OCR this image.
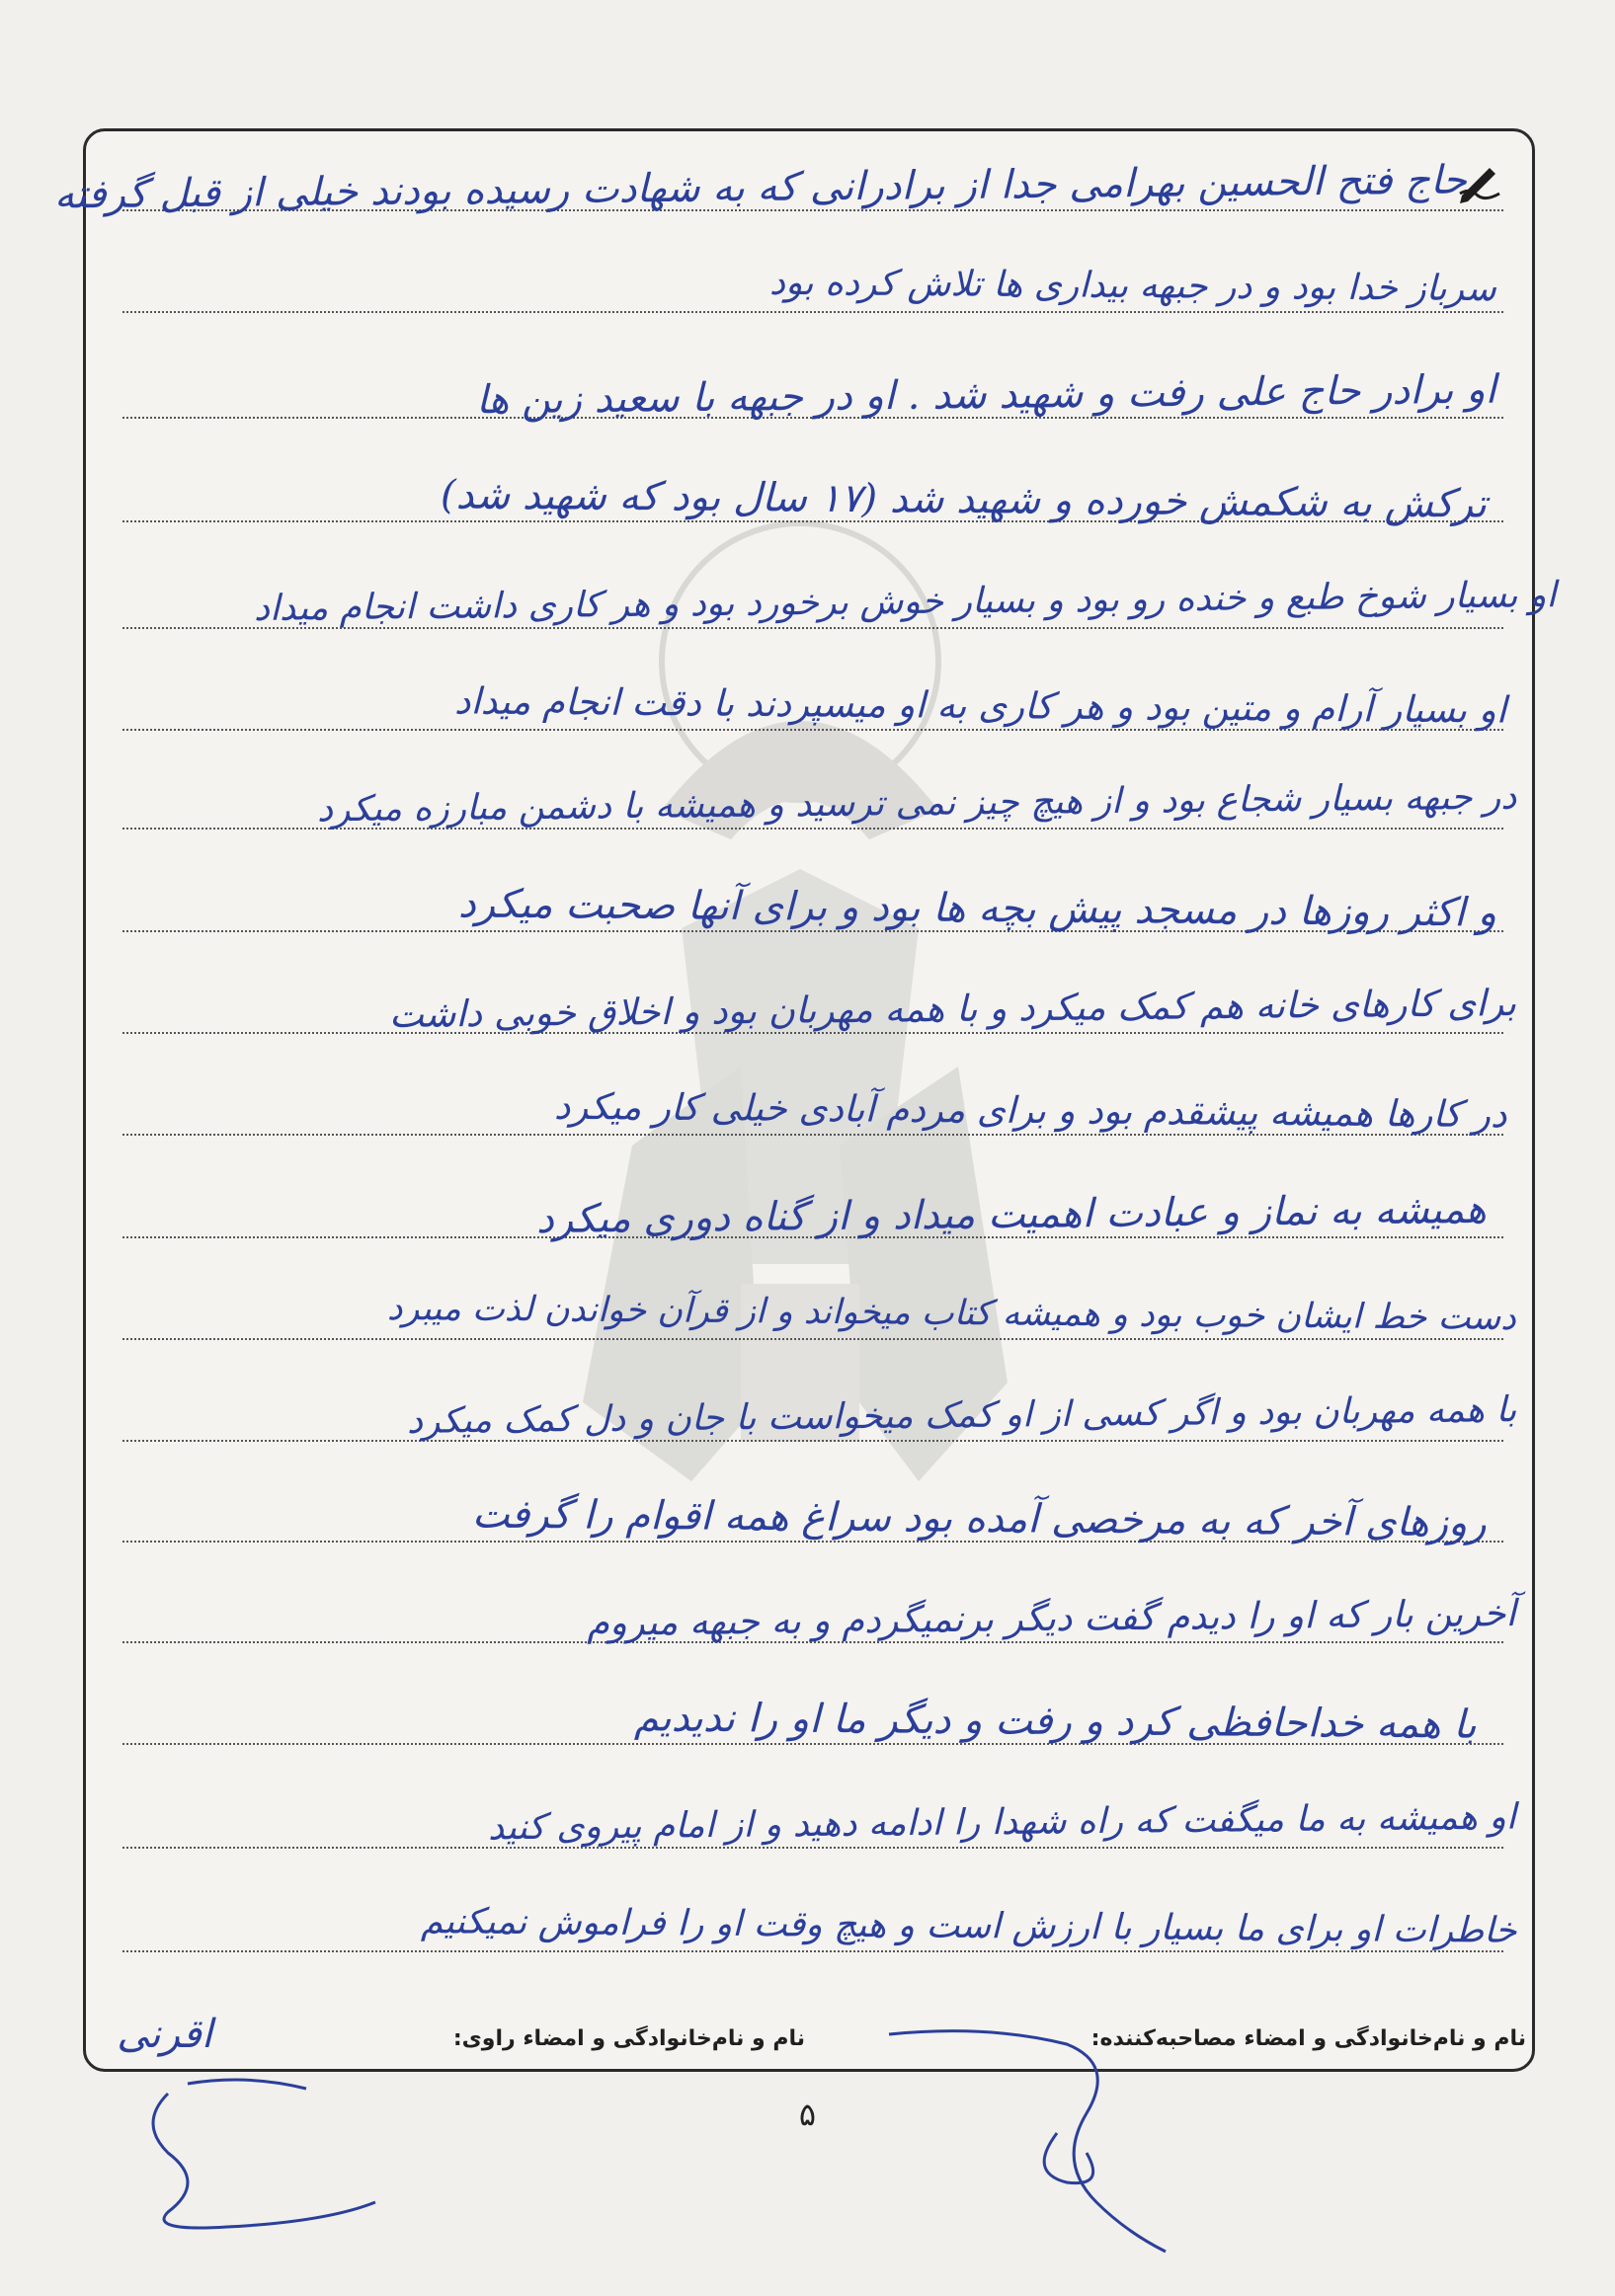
حاج فتح الحسین بهرامی جدا از برادرانی که به شهادت رسیده بودند خیلی از قبل گرفته
سرباز خدا بود و در جبهه بیداری ها تلاش کرده بود
او برادر حاج علی رفت و شهید شد . او در جبهه با سعید زین ها
ترکش به شکمش خورده و شهید شد (۱۷ سال بود که شهید شد)
او بسیار شوخ طبع و خنده رو بود و بسیار خوش برخورد بود و هر کاری داشت انجام میداد
او بسیار آرام و متین بود و هر کاری به او میسپردند با دقت انجام میداد
در جبهه بسیار شجاع بود و از هیچ چیز نمی ترسید و همیشه با دشمن مبارزه میکرد
و اکثر روزها در مسجد پیش بچه ها بود و برای آنها صحبت میکرد
برای کارهای خانه هم کمک میکرد و با همه مهربان بود و اخلاق خوبی داشت
در کارها همیشه پیشقدم بود و برای مردم آبادی خیلی کار میکرد
همیشه به نماز و عبادت اهمیت میداد و از گناه دوری میکرد
دست خط ایشان خوب بود و همیشه کتاب میخواند و از قرآن خواندن لذت میبرد
با همه مهربان بود و اگر کسی از او کمک میخواست با جان و دل کمک میکرد
روزهای آخر که به مرخصی آمده بود سراغ همه اقوام را گرفت
آخرین بار که او را دیدم گفت دیگر برنمیگردم و به جبهه میروم
با همه خداحافظی کرد و رفت و دیگر ما او را ندیدیم
او همیشه به ما میگفت که راه شهدا را ادامه دهید و از امام پیروی کنید
خاطرات او برای ما بسیار با ارزش است و هیچ وقت او را فراموش نمیکنیم
نام و نام‌خانوادگی و امضاء مصاحبه‌کننده:
نام و نام‌خانوادگی و امضاء راوی:
اقرنی
۵
